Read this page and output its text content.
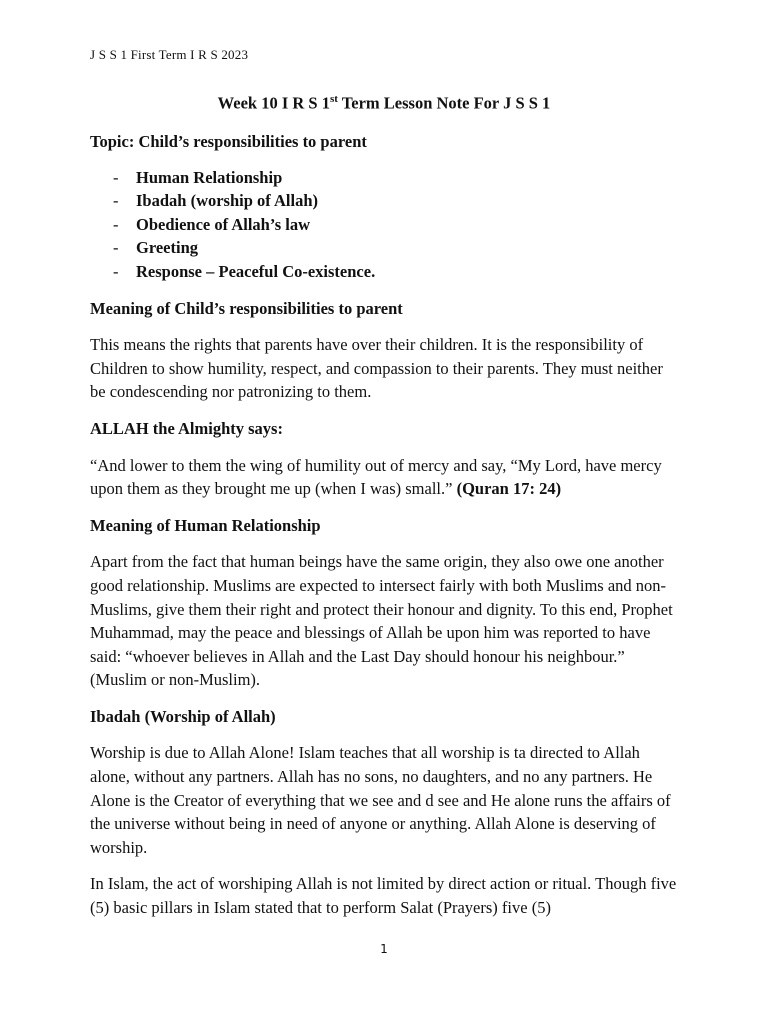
J S S 1 First Term I R S 2023
Week 10 I R S 1st Term Lesson Note For J S S 1

Topic: Child’s responsibilities to parent

- Human Relationship
- Ibadah (worship of Allah)
- Obedience of Allah’s law
- Greeting
- Response – Peaceful Co-existence.

Meaning of Child’s responsibilities to parent

This means the rights that parents have over their children. It is the responsibility of Children to show humility, respect, and compassion to their parents. They must neither be condescending nor patronizing to them.

ALLAH the Almighty says:

“And lower to them the wing of humility out of mercy and say, “My Lord, have mercy upon them as they brought me up (when I was) small.” (Quran 17: 24)

Meaning of Human Relationship

Apart from the fact that human beings have the same origin, they also owe one another good relationship. Muslims are expected to intersect fairly with both Muslims and non- Muslims, give them their right and protect their honour and dignity. To this end, Prophet Muhammad, may the peace and blessings of Allah be upon him was reported to have said: “whoever believes in Allah and the Last Day should honour his neighbour.” (Muslim or non-Muslim).

Ibadah (Worship of Allah)

Worship is due to Allah Alone! Islam teaches that all worship is ta directed to Allah alone, without any partners. Allah has no sons, no daughters, and no any partners. He Alone is the Creator of everything that we see and d see and He alone runs the affairs of the universe without being in need of anyone or anything. Allah Alone is deserving of worship.

In Islam, the act of worshiping Allah is not limited by direct action or ritual. Though five (5) basic pillars in Islam stated that to perform Salat (Prayers) five (5)

1
